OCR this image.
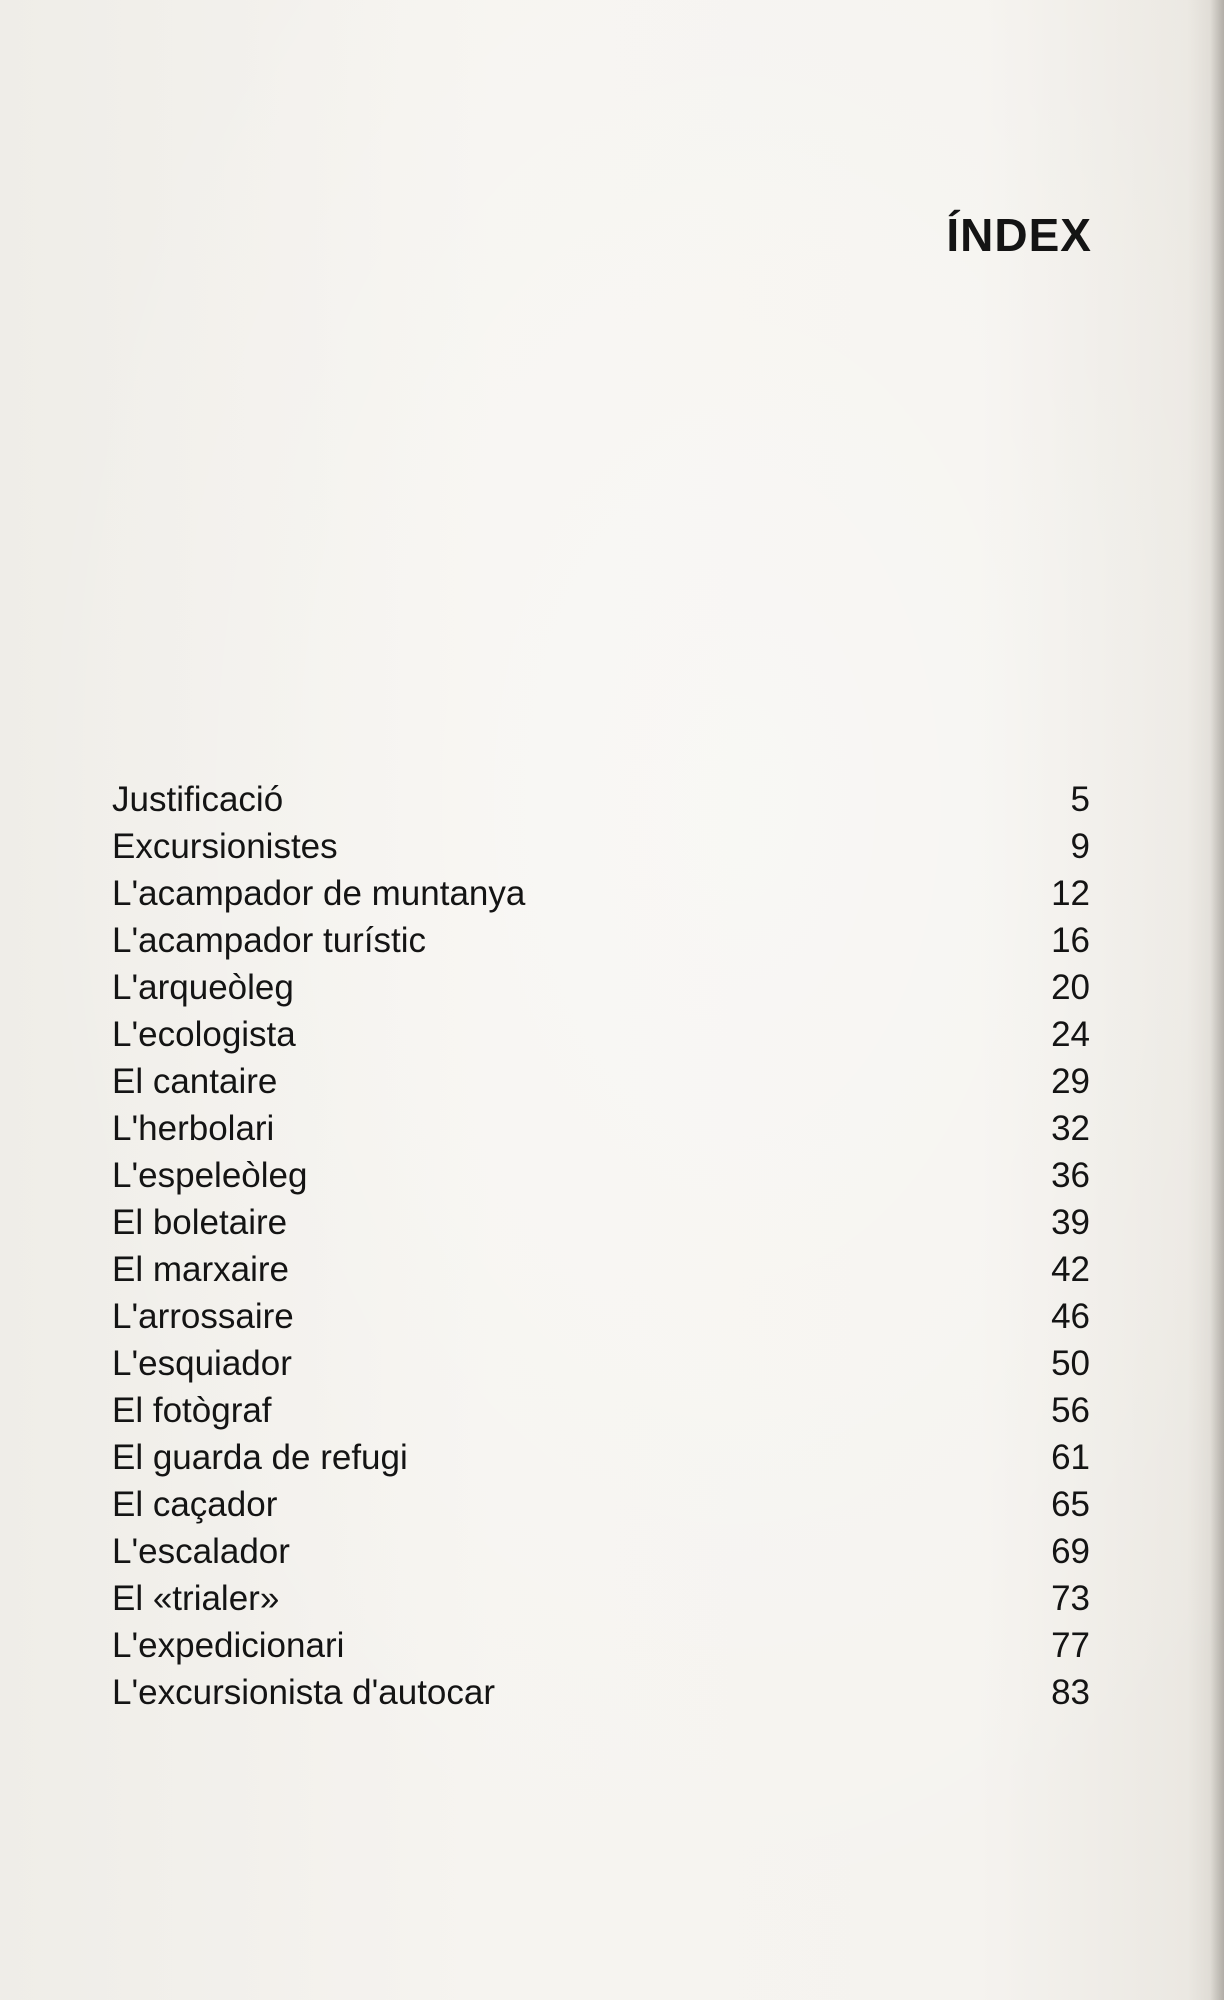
ÍNDEX
Justificació	5
Excursionistes	9
L'acampador de muntanya	12
L'acampador turístic	16
L'arqueòleg	20
L'ecologista	24
El cantaire	29
L'herbolari	32
L'espeleòleg	36
El boletaire	39
El marxaire	42
L'arrossaire	46
L'esquiador	50
El fotògraf	56
El guarda de refugi	61
El caçador	65
L'escalador	69
El «trialer»	73
L'expedicionari	77
L'excursionista d'autocar	83
